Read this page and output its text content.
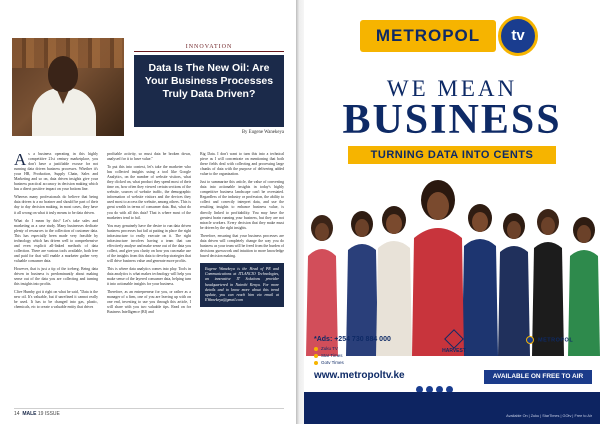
INNOVATION
Data Is The New Oil: Are Your Business Processes Truly Data Driven?
By Eugene Wanekeya

As a business operating in this highly competitive 21st century marketplace, you don't have a justifiable excuse for not running data driven business processes. Whether it's your HR, Production, Supply Chain, Sales and Marketing and so on, data driven insights give your business practical accuracy in decision making which has a direct positive impact on your bottom line.

Whereas many professionals do believe that being data driven is a no brainer and should be part of their day to day decision making, in most cases, they have it all wrong on what it truly means to be data driven.

What do I mean by this? Let's take sales and marketing as a case study. Many businesses dedicate plenty of resources to the collection of customer data. This has especially been made very feasible by technology which has driven well to comprehensive and even explicit all-linked methods of data collection. There are various tools available, both free and paid for that will enable a marketer gather very valuable consumer data.

However, that is just a tip of the iceberg. Being data driven in business is predominantly about making sense out of the data you are collecting and turning this insights into profits.

Clive Humby got it right on what he said, "Data is the new oil. It's valuable, but if unrefined it cannot really be used. It has to be changed into gas, plastic, chemicals, etc to create a valuable entity that drives

profitable activity, so must data be broken down, analysed for it to have value."

To put this into context, let's take the marketer who has collected insights using a tool like Google Analytics, on the number of website visitors, what they clicked on, what product they spend most of their time on, how often they viewed certain sections of the website, sources of website traffic, the demographic information of website visitors and the devices they used most to access the website, among others. This is great wealth in terms of consumer data. But, what do you do with all this data? That is where most of the marketers tend to fail.

You may genuinely have the desire to run data driven business processes but fail at putting in place the right infrastructure to really execute on it. The right infrastructure involves having a team that can effectively analyse and make sense out of the data you collect, and give you clarity on how you can make use of the insights from this data to develop strategies that will drive business value and generate more profits.

This is where data analytics comes into play. Tools in data analytics is what makes technology will help you make sense of the layered consumer data, helping turn it into actionable insights for your business.

Therefore, as an entrepreneur for you, or rather as a manager of a firm, one of you are leaving up with on one end, investing to use you through this article, I will share with you two valuable tips. Read on for Business Intelligence (BI) and

Big Data. I don't want to turn this into a technical piece as I will concentrate on mentioning that both these fields deal with collecting and processing large chunks of data with the purpose of delivering added value to the organization.

Just to summarize this article, the value of converting data into actionable insights in today's highly competitive business landscape can't be overstated. Regardless of the industry or profession, the ability to collect and correctly interpret data, and use the resulting insights to enhance business value, is directly linked to profitability. You may have the greatest brain running your business, but they are not miracle workers. Every decision that they make must be driven by the right insights.

Therefore, ensuring that your business processes are data driven will completely change the way you do business as your team will be freed from the burden of decisions guesswork and intuition to more knowledge based decision making.

Eugene Wanekeya is the Head of PR and Communications at ITLANCIO Technologies, an innovative IT Solutions provider headquartered in Nairobi Kenya. For more details and to know more about this trend update, you can reach him via email at EWanekeya@gmail.com
14 MALE 19 ISSUE
METROPOL	tv
WE MEAN
BUSINESS
TURNING DATA INTO CENTS
*Ads: +254 730 884 000
Zuku TV
Star Times
Gotv Times
HARVEST
METROPOL
www.metropoltv.ke	AVAILABLE ON FREE TO AIR
Available On | Zuku | StarTimes | GOtv | Free to Air
